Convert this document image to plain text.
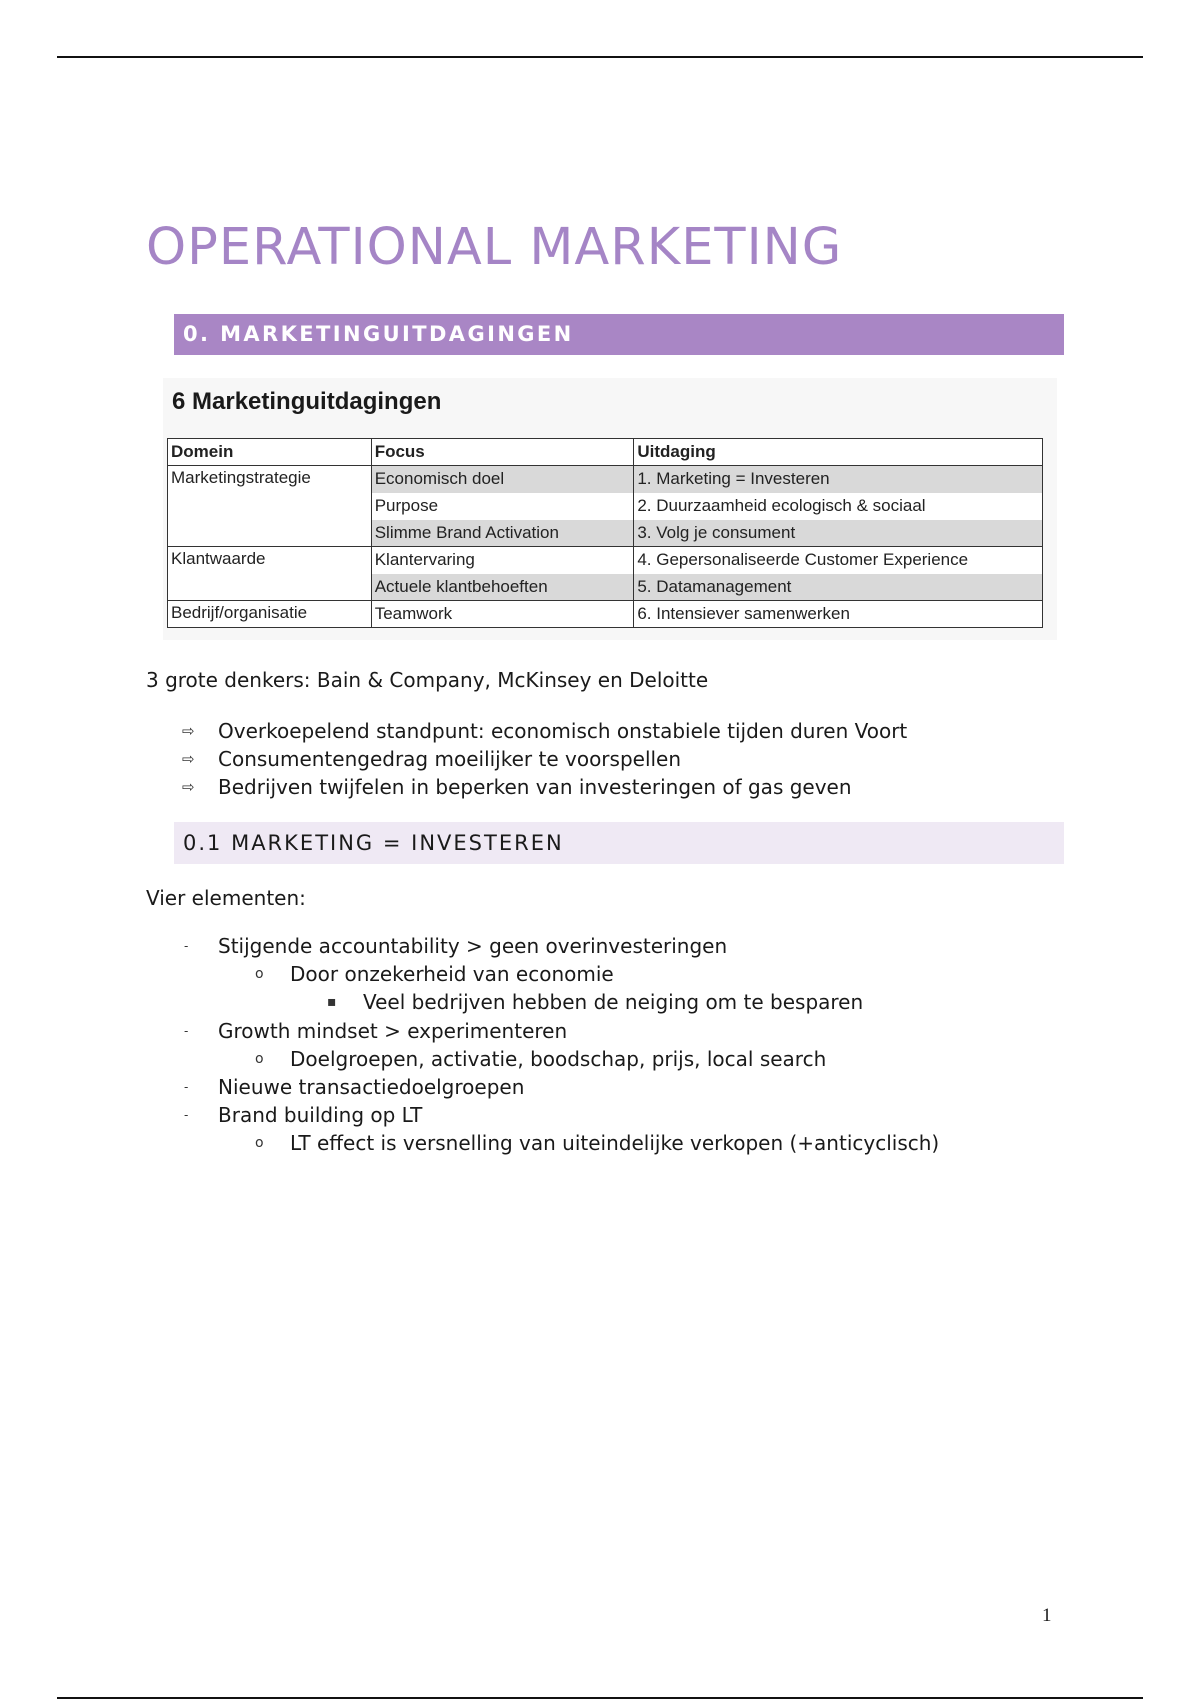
OPERATIONAL MARKETING
0. MARKETINGUITDAGINGEN
6 Marketinguitdagingen
Domein	Focus	Uitdaging
Marketingstrategie	Economisch doel	1. Marketing = Investeren
	Purpose	2. Duurzaamheid ecologisch & sociaal
	Slimme Brand Activation	3. Volg je consument
Klantwaarde	Klantervaring	4. Gepersonaliseerde Customer Experience
	Actuele klantbehoeften	5. Datamanagement
Bedrijf/organisatie	Teamwork	6. Intensiever samenwerken

3 grote denkers: Bain & Company, McKinsey en Deloitte

⇨ Overkoepelend standpunt: economisch onstabiele tijden duren Voort
⇨ Consumentengedrag moeilijker te voorspellen
⇨ Bedrijven twijfelen in beperken van investeringen of gas geven
0.1 MARKETING = INVESTEREN

Vier elementen:

- Stijgende accountability > geen overinvesteringen
o Door onzekerheid van economie
▪ Veel bedrijven hebben de neiging om te besparen
- Growth mindset > experimenteren
o Doelgroepen, activatie, boodschap, prijs, local search
- Nieuwe transactiedoelgroepen
- Brand building op LT
o LT effect is versnelling van uiteindelijke verkopen (+anticyclisch)
1
